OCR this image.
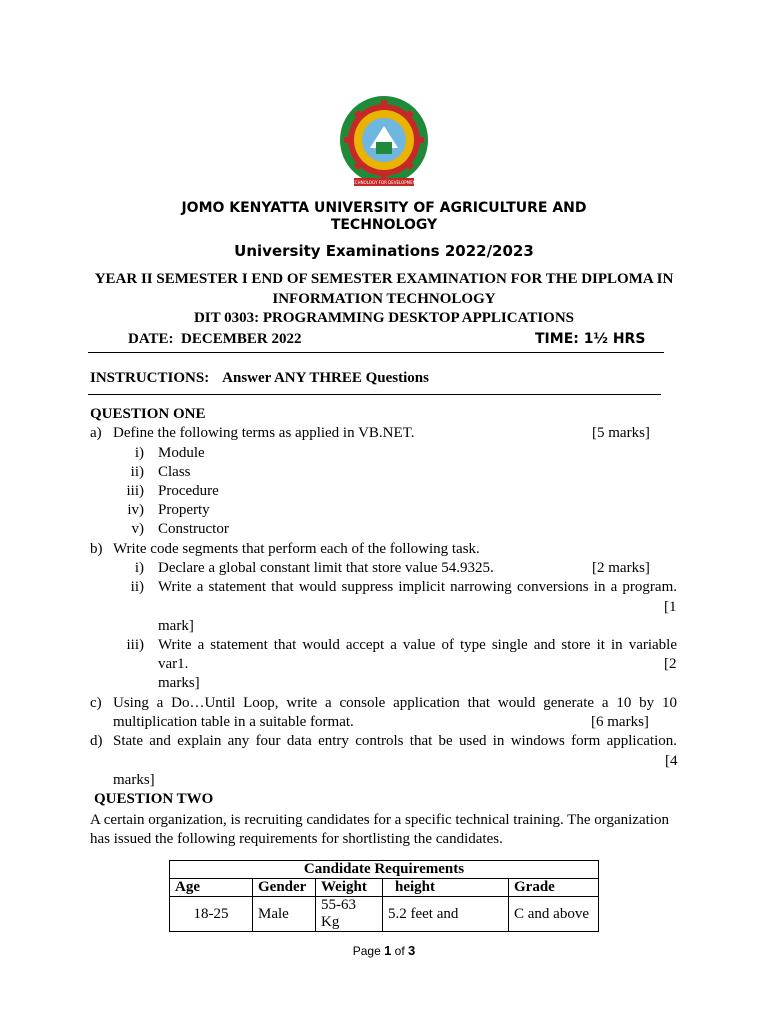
TECHNOLOGY FOR DEVELOPMENT
JOMO KENYATTA UNIVERSITY OF AGRICULTURE AND
TECHNOLOGY
University Examinations 2022/2023
YEAR II SEMESTER I END OF SEMESTER EXAMINATION FOR THE DIPLOMA IN
INFORMATION TECHNOLOGY
DIT 0303: PROGRAMMING DESKTOP APPLICATIONS
DATE:  DECEMBER 2022	TIME: 1½ HRS
INSTRUCTIONS: Answer ANY THREE Questions
QUESTION ONE
a) Define the following terms as applied in VB.NET.	[5 marks]
i) Module
ii) Class
iii) Procedure
iv) Property
v) Constructor
b) Write code segments that perform each of the following task.
i) Declare a global constant limit that store value 54.9325.	[2 marks]
ii) Write a statement that would suppress implicit narrowing conversions in a program.
[1
mark]
iii) Write a statement that would accept a value of type single and store it in variable
var1.	[2
marks]
c) Using a Do…Until Loop, write a console application that would generate a 10 by 10
multiplication table in a suitable format.	[6 marks]
d) State and explain any four data entry controls that be used in windows form application.
[4
marks]
QUESTION TWO
A certain organization, is recruiting candidates for a specific technical training. The organization has issued the following requirements for shortlisting the candidates.
Candidate Requirements				
Age	Gender	Weight	height	Grade
18-25	Male	55-63 Kg	5.2 feet and	C and above
Page 1 of 3
